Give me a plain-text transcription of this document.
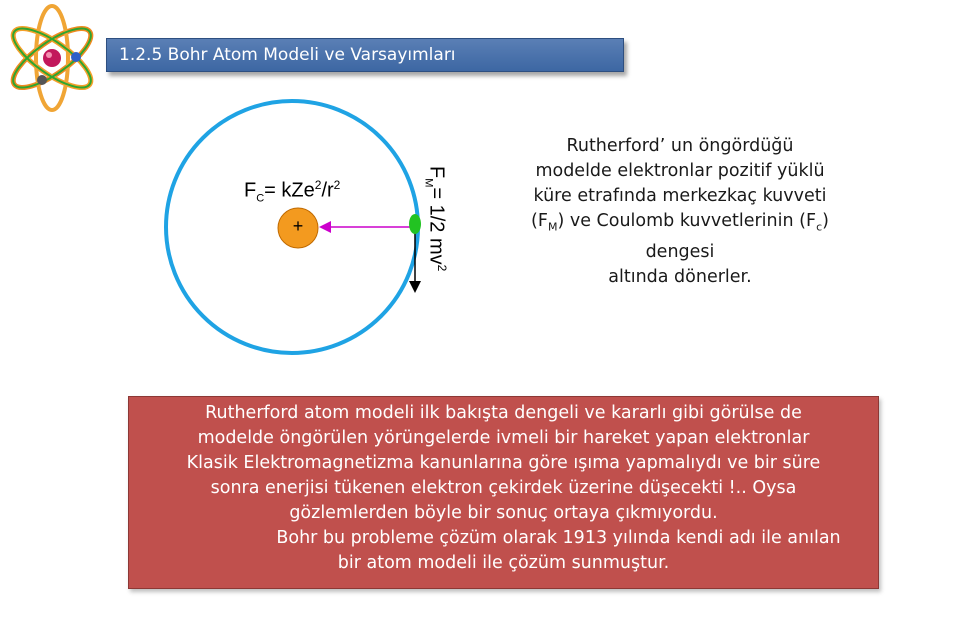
1.2.5 Bohr Atom Modeli ve Varsayımları
+
$F_C= kZe^2/r^2$
$F_M= 1/2$ $mv^2$
Rutherford’ un öngördüğü
modelde elektronlar pozitif yüklü
küre etrafında merkezkaç kuvveti
$(F_M)$ ve Coulomb kuvvetlerinin $(F_c)$
dengesi
altında dönerler.
Rutherford atom modeli ilk bakışta dengeli ve kararlı gibi görülse de
modelde öngörülen yörüngelerde ivmeli bir hareket yapan elektronlar
Klasik Elektromagnetizma kanunlarına göre ışıma yapmalıydı ve bir süre
sonra enerjisi tükenen elektron çekirdek üzerine düşecekti !.. Oysa
gözlemlerden böyle bir sonuç ortaya çıkmıyordu.
Bohr bu probleme çözüm olarak 1913 yılında kendi adı ile anılan
bir atom modeli ile çözüm sunmuştur.
